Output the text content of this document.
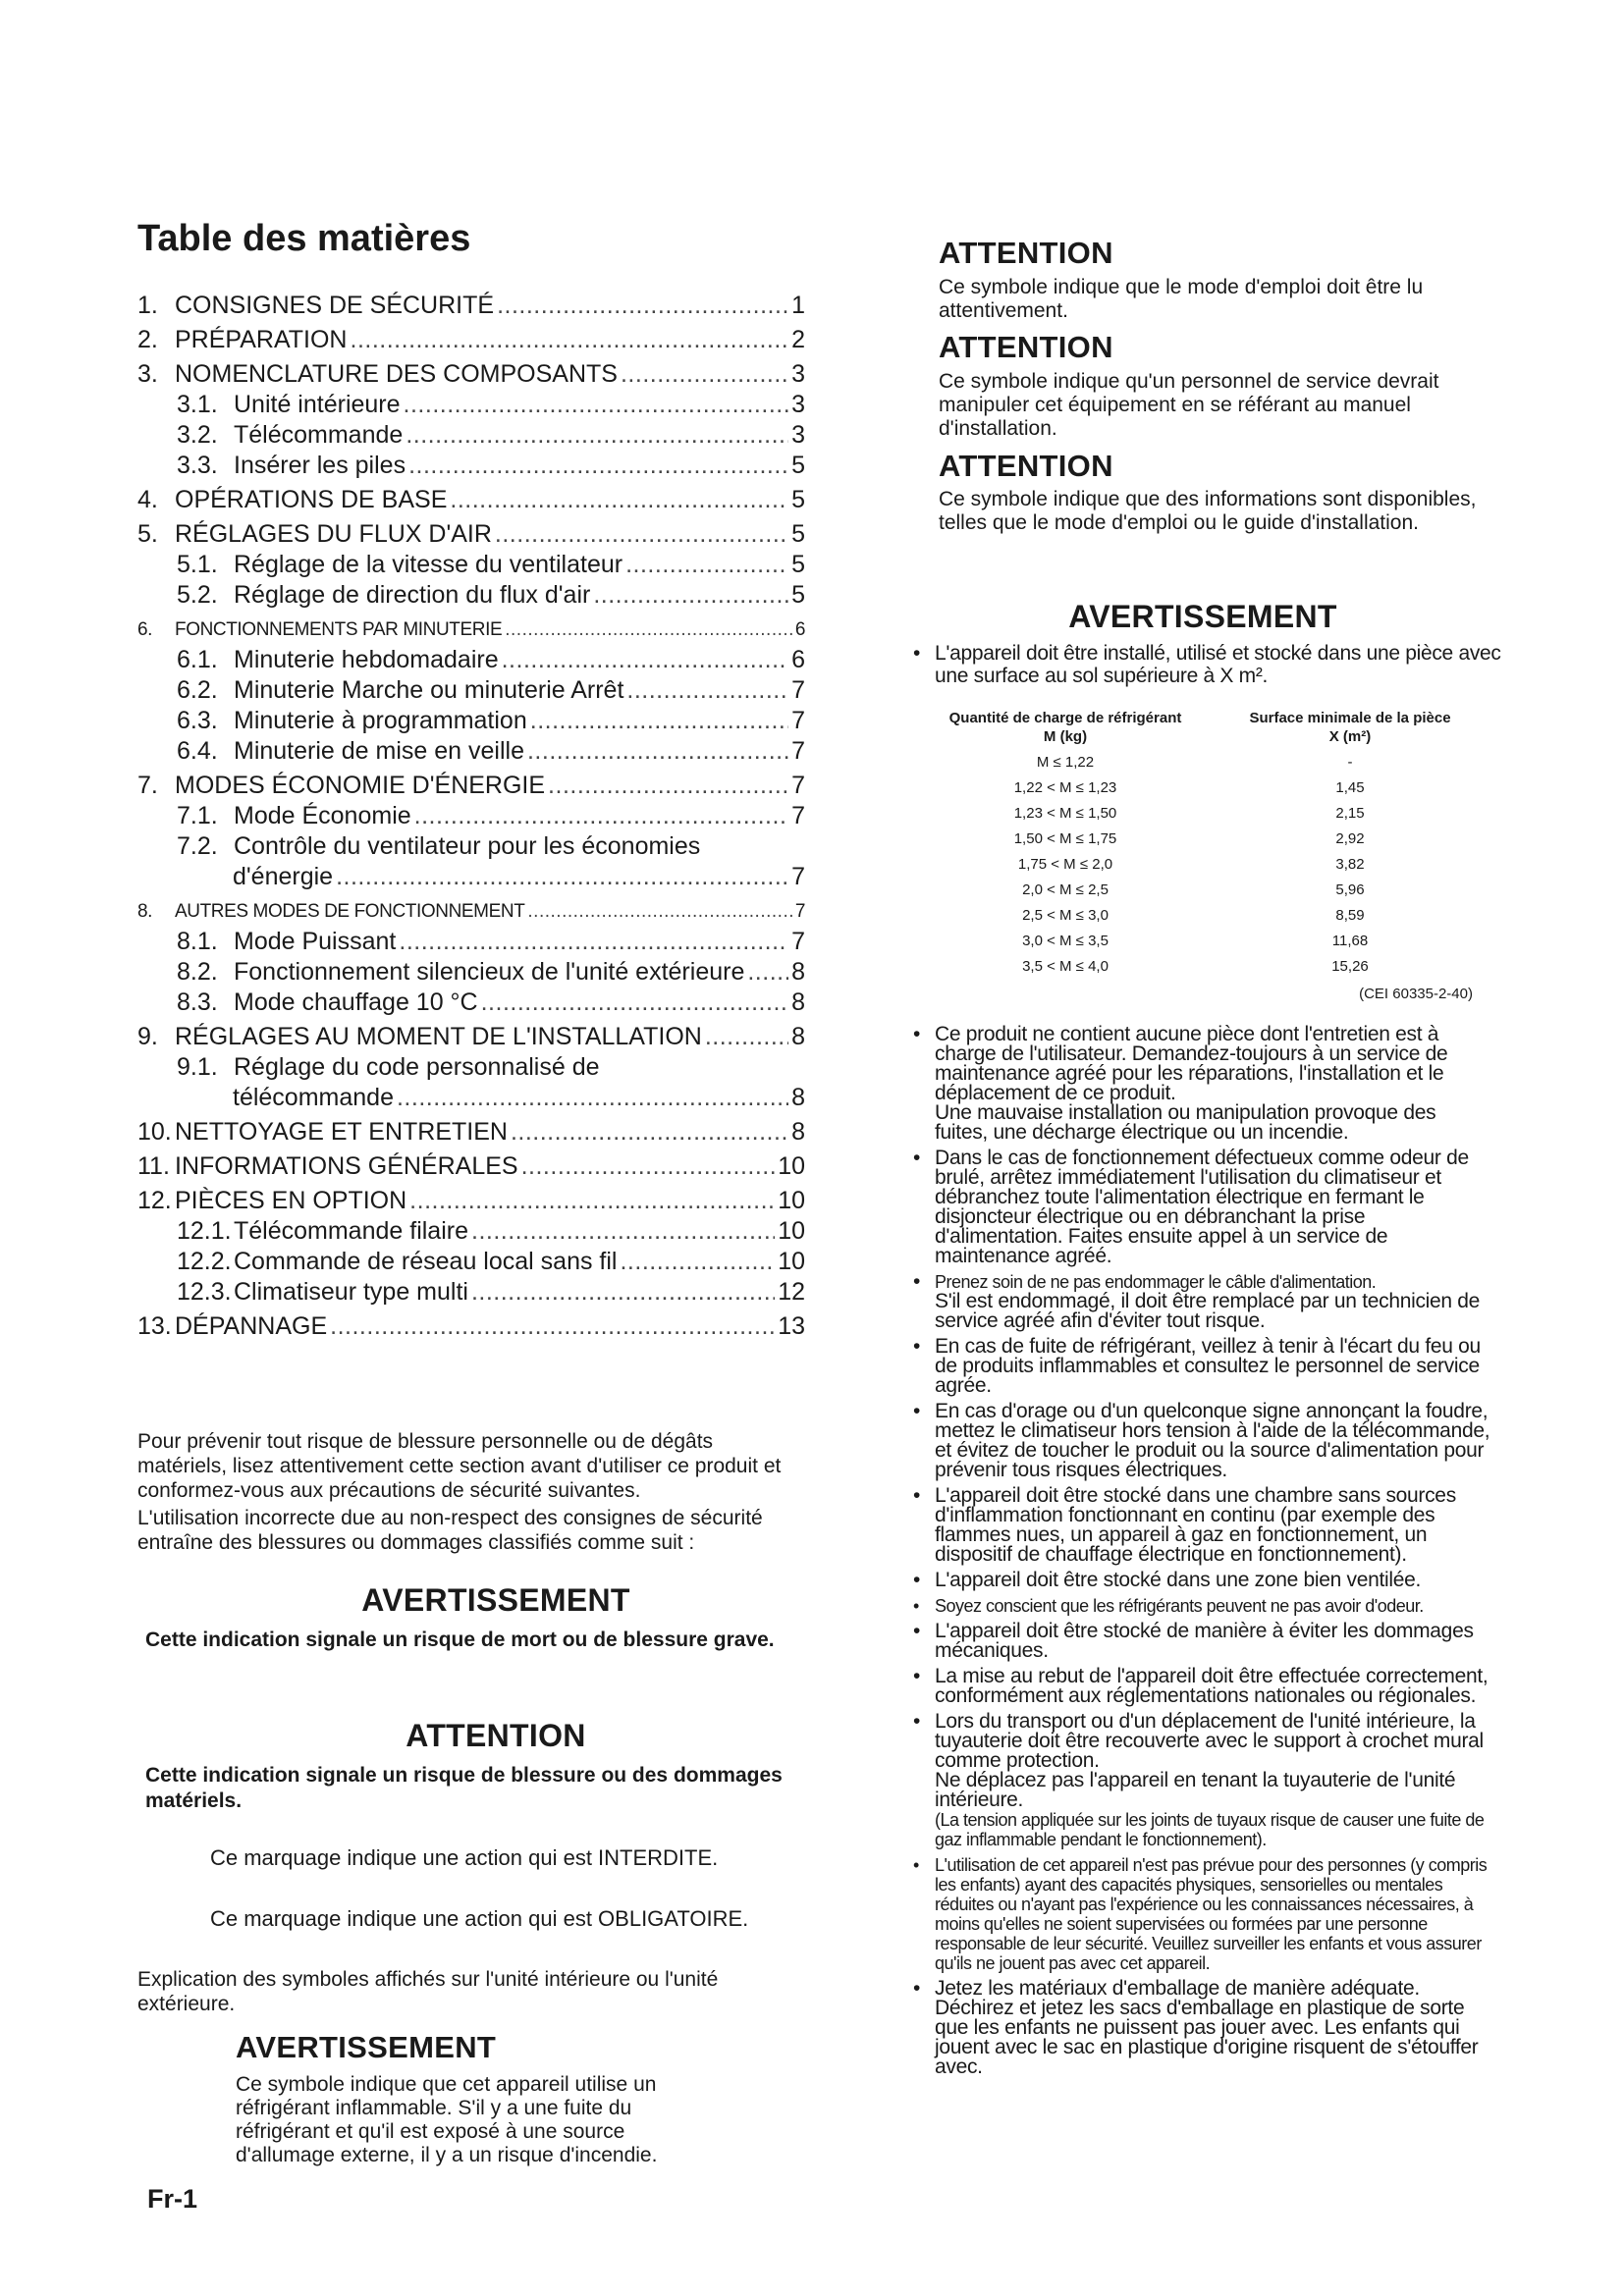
Table des matières
1. CONSIGNES DE SÉCURITÉ .....	1
2. PRÉPARATION .....	2
3. NOMENCLATURE DES COMPOSANTS .....	3
3.1. Unité intérieure .....	3
3.2. Télécommande .....	3
3.3. Insérer les piles .....	5
4. OPÉRATIONS DE BASE .....	5
5. RÉGLAGES DU FLUX D'AIR .....	5
5.1. Réglage de la vitesse du ventilateur .....	5
5.2. Réglage de direction du flux d'air .....	5
6.	FONCTIONNEMENTS PAR MINUTERIE .....	6
6.1. Minuterie hebdomadaire .....	6
6.2. Minuterie Marche ou minuterie Arrêt .....	7
6.3. Minuterie à programmation .....	7
6.4. Minuterie de mise en veille .....	7
7. MODES ÉCONOMIE D'ÉNERGIE .....	7
7.1. Mode Économie .....	7
7.2. Contrôle du ventilateur pour les économies
d'énergie .....	7
8.	AUTRES MODES DE FONCTIONNEMENT .....	7
8.1. Mode Puissant .....	7
8.2. Fonctionnement silencieux de l'unité extérieure ..... 8
8.3. Mode chauffage 10 °C .....	8
9. RÉGLAGES AU MOMENT DE L'INSTALLATION .....	8
9.1. Réglage du code personnalisé de
télécommande .....	8
10. NETTOYAGE ET ENTRETIEN .....	8
11. INFORMATIONS GÉNÉRALES .....	10
12. PIÈCES EN OPTION .....	10
12.1. Télécommande filaire .....	10
12.2. Commande de réseau local sans fil .....	10
12.3. Climatiseur type multi .....	12
13. DÉPANNAGE .....	13
Pour prévenir tout risque de blessure personnelle ou de dégâts matériels, lisez attentivement cette section avant d'utiliser ce produit et conformez-vous aux précautions de sécurité suivantes.
L'utilisation incorrecte due au non-respect des consignes de sécurité entraîne des blessures ou dommages classifiés comme suit :
AVERTISSEMENT
Cette indication signale un risque de mort ou de blessure grave.
ATTENTION
Cette indication signale un risque de blessure ou des dommages matériels.
Ce marquage indique une action qui est INTERDITE.
Ce marquage indique une action qui est OBLIGATOIRE.
Explication des symboles affichés sur l'unité intérieure ou l'unité extérieure.
AVERTISSEMENT
Ce symbole indique que cet appareil utilise un réfrigérant inflammable. S'il y a une fuite du réfrigérant et qu'il est exposé à une source d'allumage externe, il y a un risque d'incendie.
ATTENTION
Ce symbole indique que le mode d'emploi doit être lu attentivement.
ATTENTION
Ce symbole indique qu'un personnel de service devrait manipuler cet équipement en se référant au manuel d'installation.
ATTENTION
Ce symbole indique que des informations sont disponibles, telles que le mode d'emploi ou le guide d'installation.
AVERTISSEMENT
• L'appareil doit être installé, utilisé et stocké dans une pièce avec une surface au sol supérieure à X m².
Quantité de charge de réfrigérant
M (kg)
Surface minimale de la pièce
X (m²)
M ≤ 1,22	-
1,22 < M ≤ 1,23	1,45
1,23 < M ≤ 1,50	2,15
1,50 < M ≤ 1,75	2,92
1,75 < M ≤ 2,0	3,82
2,0 < M ≤ 2,5	5,96
2,5 < M ≤ 3,0	8,59
3,0 < M ≤ 3,5	11,68
3,5 < M ≤ 4,0	15,26
(CEI 60335-2-40)
• Ce produit ne contient aucune pièce dont l'entretien est à charge de l'utilisateur. Demandez-toujours à un service de maintenance agréé pour les réparations, l'installation et le déplacement de ce produit.
Une mauvaise installation ou manipulation provoque des fuites, une décharge électrique ou un incendie.
• Dans le cas de fonctionnement défectueux comme odeur de brulé, arrêtez immédiatement l'utilisation du climatiseur et débranchez toute l'alimentation électrique en fermant le disjoncteur électrique ou en débranchant la prise d'alimentation. Faites ensuite appel à un service de maintenance agréé.
• Prenez soin de ne pas endommager le câble d'alimentation.
S'il est endommagé, il doit être remplacé par un technicien de service agréé afin d'éviter tout risque.
• En cas de fuite de réfrigérant, veillez à tenir à l'écart du feu ou de produits inflammables et consultez le personnel de service agrée.
• En cas d'orage ou d'un quelconque signe annonçant la foudre, mettez le climatiseur hors tension à l'aide de la télécommande, et évitez de toucher le produit ou la source d'alimentation pour prévenir tous risques électriques.
• L'appareil doit être stocké dans une chambre sans sources d'inflammation fonctionnant en continu (par exemple des flammes nues, un appareil à gaz en fonctionnement, un dispositif de chauffage électrique en fonctionnement).
• L'appareil doit être stocké dans une zone bien ventilée.
• Soyez conscient que les réfrigérants peuvent ne pas avoir d'odeur.
• L'appareil doit être stocké de manière à éviter les dommages mécaniques.
• La mise au rebut de l'appareil doit être effectuée correctement, conformément aux réglementations nationales ou régionales.
• Lors du transport ou d'un déplacement de l'unité intérieure, la tuyauterie doit être recouverte avec le support à crochet mural comme protection.
Ne déplacez pas l'appareil en tenant la tuyauterie de l'unité intérieure.
(La tension appliquée sur les joints de tuyaux risque de causer une fuite de gaz inflammable pendant le fonctionnement).
• L'utilisation de cet appareil n'est pas prévue pour des personnes (y compris les enfants) ayant des capacités physiques, sensorielles ou mentales réduites ou n'ayant pas l'expérience ou les connaissances nécessaires, à moins qu'elles ne soient supervisées ou formées par une personne responsable de leur sécurité. Veuillez surveiller les enfants et vous assurer qu'ils ne jouent pas avec cet appareil.
• Jetez les matériaux d'emballage de manière adéquate. Déchirez et jetez les sacs d'emballage en plastique de sorte que les enfants ne puissent pas jouer avec. Les enfants qui jouent avec le sac en plastique d'origine risquent de s'étouffer avec.
Fr-1
